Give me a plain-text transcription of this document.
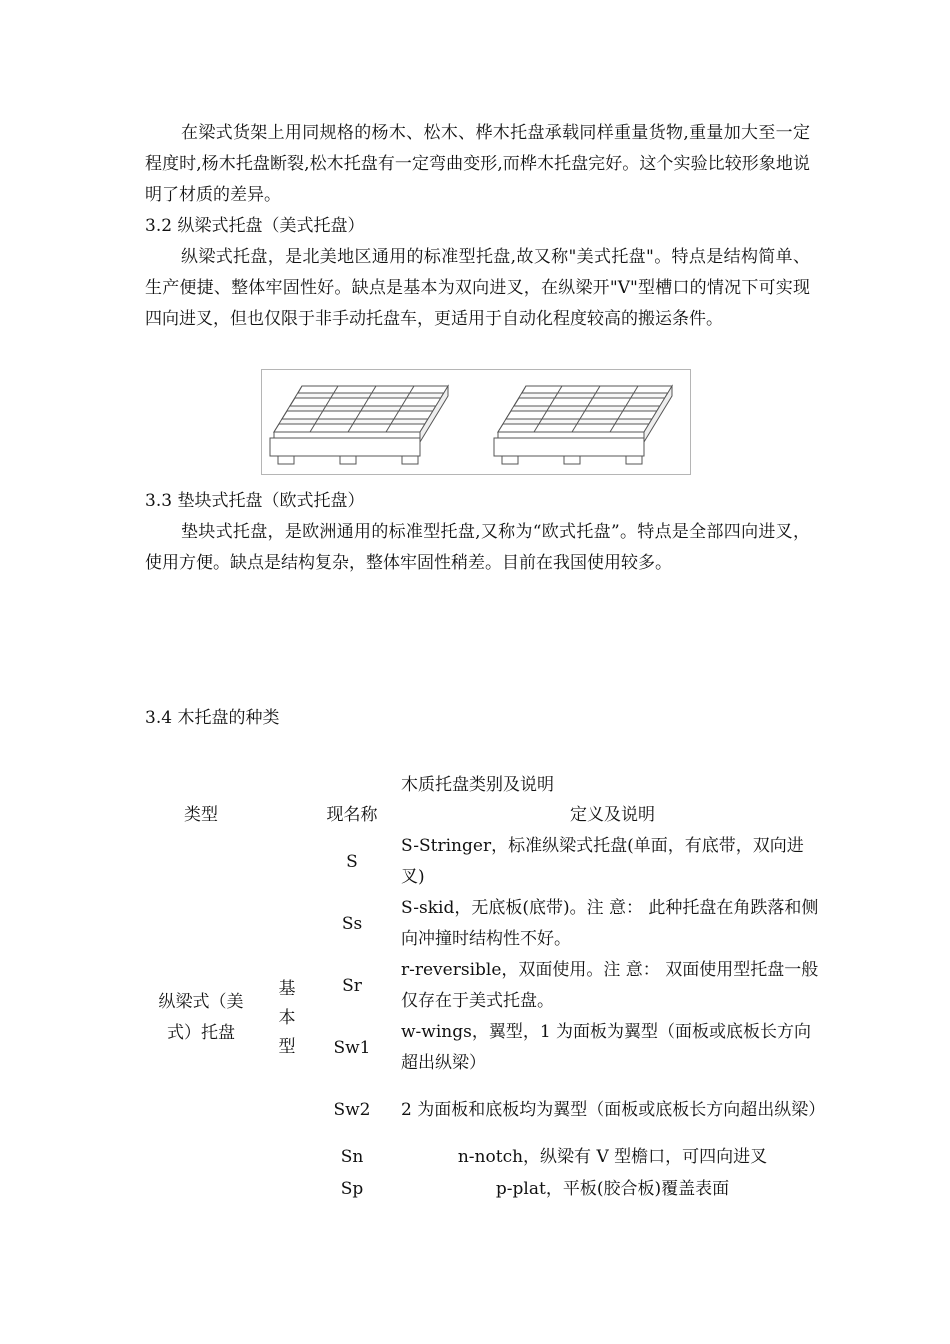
在梁式货架上用同规格的杨木、松木、桦木托盘承载同样重量货物,重量加大至一定程度时,杨木托盘断裂,松木托盘有一定弯曲变形,而桦木托盘完好。这个实验比较形象地说明了材质的差异。

3.2 纵梁式托盘（美式托盘）

纵梁式托盘，是北美地区通用的标准型托盘,故又称"美式托盘"。特点是结构简单、生产便捷、整体牢固性好。缺点是基本为双向进叉，在纵梁开"V"型槽口的情况下可实现四向进叉，但也仅限于非手动托盘车，更适用于自动化程度较高的搬运条件。

3.3 垫块式托盘（欧式托盘）

垫块式托盘，是欧洲通用的标准型托盘,又称为“欧式托盘”。特点是全部四向进叉，使用方便。缺点是结构复杂，整体牢固性稍差。目前在我国使用较多。

3.4 木托盘的种类

木质托盘类别及说明
类型		现名称	定义及说明
纵梁式（美式）托盘	基本型	S	S-Stringer，标准纵梁式托盘(单面，有底带，双向进叉)
		Ss	S-skid，无底板(底带)。注 意： 此种托盘在角跌落和侧向冲撞时结构性不好。
		Sr	r-reversible，双面使用。注 意： 双面使用型托盘一般仅存在于美式托盘。
		Sw1	w-wings，翼型，1 为面板为翼型（面板或底板长方向超出纵梁）
		Sw2	2 为面板和底板均为翼型（面板或底板长方向超出纵梁）
		Sn	n-notch，纵梁有 V 型檐口，可四向进叉
		Sp	p-plat，平板(胶合板)覆盖表面
